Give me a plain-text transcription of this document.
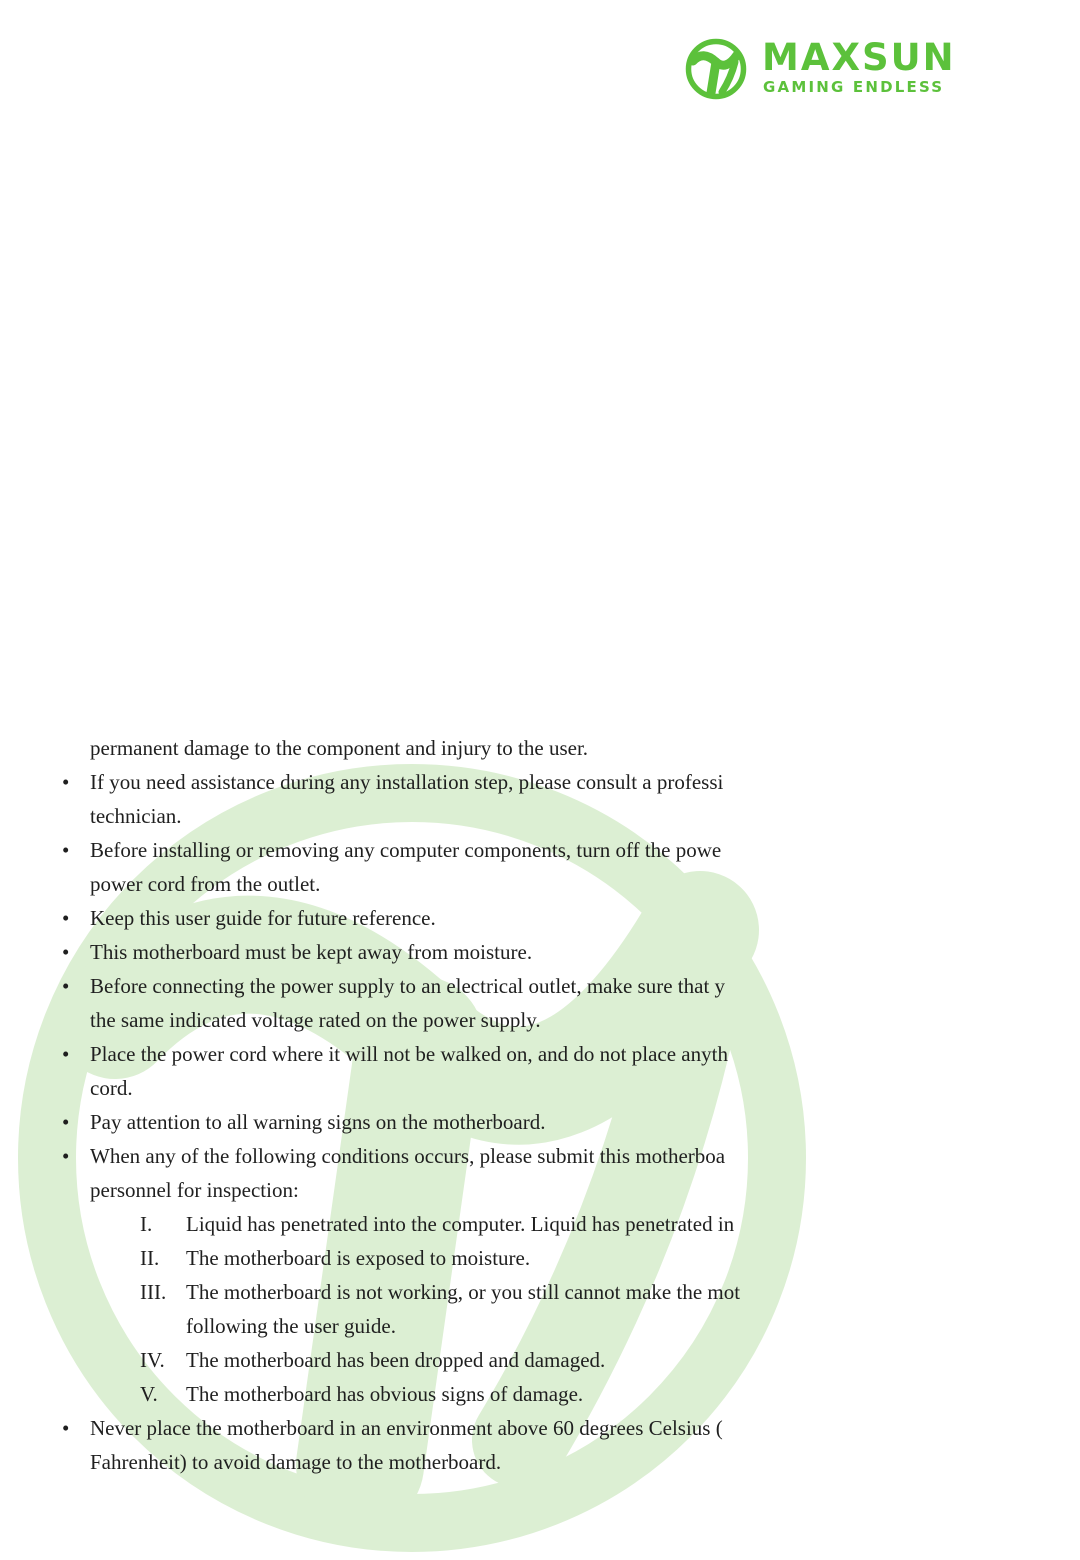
MAXSUN
GAMING ENDLESS
permanent damage to the component and injury to the user.
• If you need assistance during any installation step, please consult a professi
technician.
• Before installing or removing any computer components, turn off the powe
power cord from the outlet.
• Keep this user guide for future reference.
• This motherboard must be kept away from moisture.
• Before connecting the power supply to an electrical outlet, make sure that y
the same indicated voltage rated on the power supply.
• Place the power cord where it will not be walked on, and do not place anyth
cord.
• Pay attention to all warning signs on the motherboard.
• When any of the following conditions occurs, please submit this motherboa
personnel for inspection:
I. Liquid has penetrated into the computer. Liquid has penetrated in
II. The motherboard is exposed to moisture.
III. The motherboard is not working, or you still cannot make the mot
following the user guide.
IV. The motherboard has been dropped and damaged.
V. The motherboard has obvious signs of damage.
• Never place the motherboard in an environment above 60 degrees Celsius (
Fahrenheit) to avoid damage to the motherboard.
